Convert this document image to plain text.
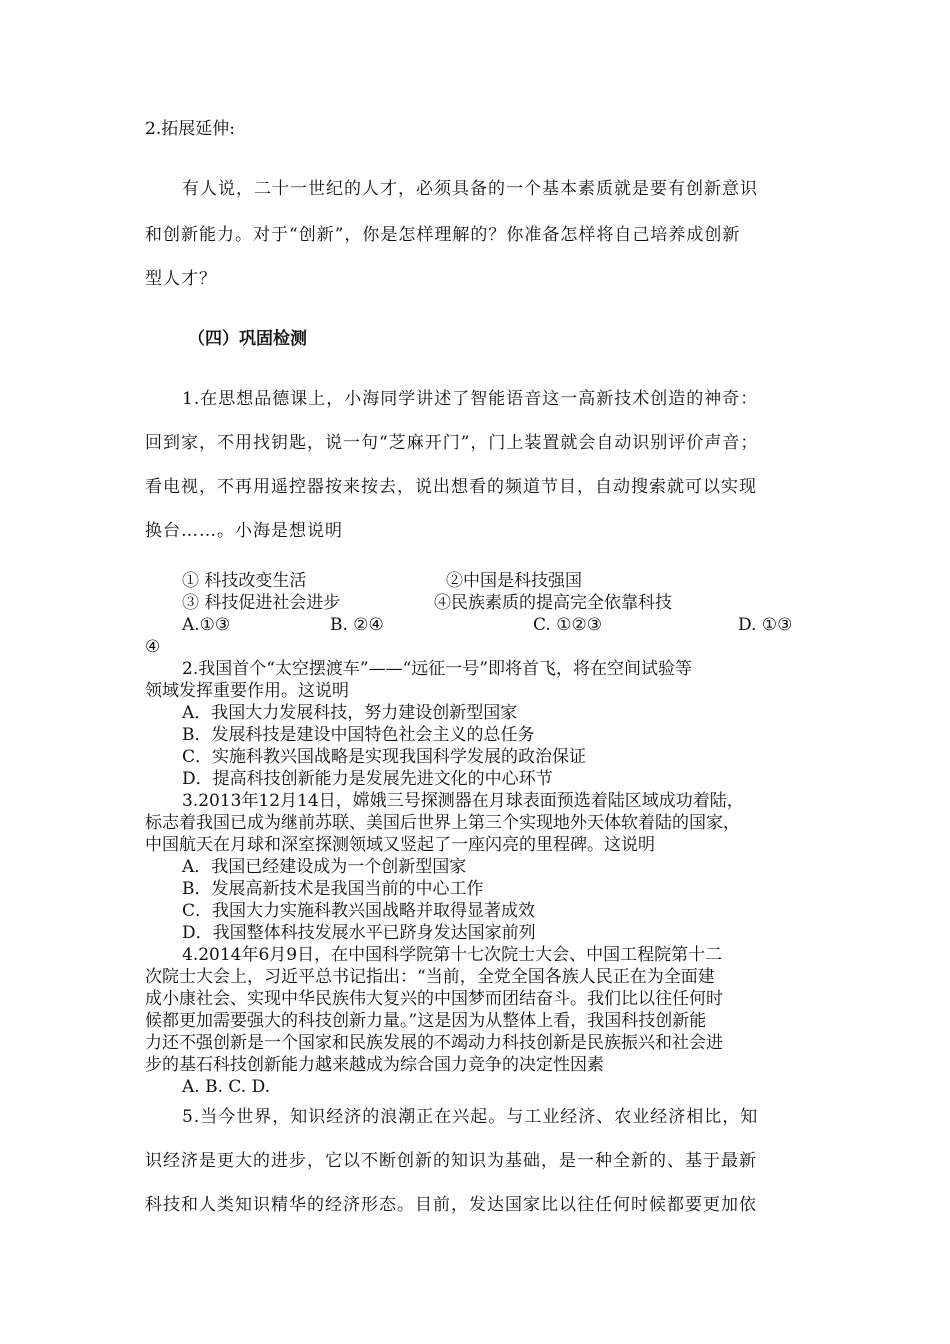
2.拓展延伸:
有人说，二十一世纪的人才，必须具备的一个基本素质就是要有创新意识
和创新能力。对于“创新”，你是怎样理解的？你准备怎样将自己培养成创新
型人才？
（四）巩固检测
1.在思想品德课上，小海同学讲述了智能语音这一高新技术创造的神奇：
回到家，不用找钥匙，说一句“芝麻开门”，门上装置就会自动识别评价声音；
看电视，不再用遥控器按来按去，说出想看的频道节目，自动搜索就可以实现
换台……。小海是想说明
① 科技改变生活	②中国是科技强国
③ 科技促进社会进步	④民族素质的提高完全依靠科技
A.①③	B. ②④	C. ①②③	D. ①③
④
2.我国首个“太空摆渡车”——“远征一号”即将首飞，将在空间试验等
领域发挥重要作用。这说明
A．我国大力发展科技，努力建设创新型国家
B．发展科技是建设中国特色社会主义的总任务
C．实施科教兴国战略是实现我国科学发展的政治保证
D．提高科技创新能力是发展先进文化的中心环节
3.2013年12月14日，嫦娥三号探测器在月球表面预选着陆区域成功着陆，
标志着我国已成为继前苏联、美国后世界上第三个实现地外天体软着陆的国家，
中国航天在月球和深室探测领域又竖起了一座闪亮的里程碑。这说明
A．我国已经建设成为一个创新型国家
B．发展高新技术是我国当前的中心工作
C．我国大力实施科教兴国战略并取得显著成效
D．我国整体科技发展水平已跻身发达国家前列
4.2014年6月9日，在中国科学院第十七次院士大会、中国工程院第十二
次院士大会上，习近平总书记指出：“当前，全党全国各族人民正在为全面建
成小康社会、实现中华民族伟大复兴的中国梦而团结奋斗。我们比以往任何时
候都更加需要强大的科技创新力量。”这是因为从整体上看，我国科技创新能
力还不强创新是一个国家和民族发展的不竭动力科技创新是民族振兴和社会进
步的基石科技创新能力越来越成为综合国力竞争的决定性因素
A. B. C. D.
5.当今世界，知识经济的浪潮正在兴起。与工业经济、农业经济相比，知
识经济是更大的进步，它以不断创新的知识为基础，是一种全新的、基于最新
科技和人类知识精华的经济形态。目前，发达国家比以往任何时候都要更加依
